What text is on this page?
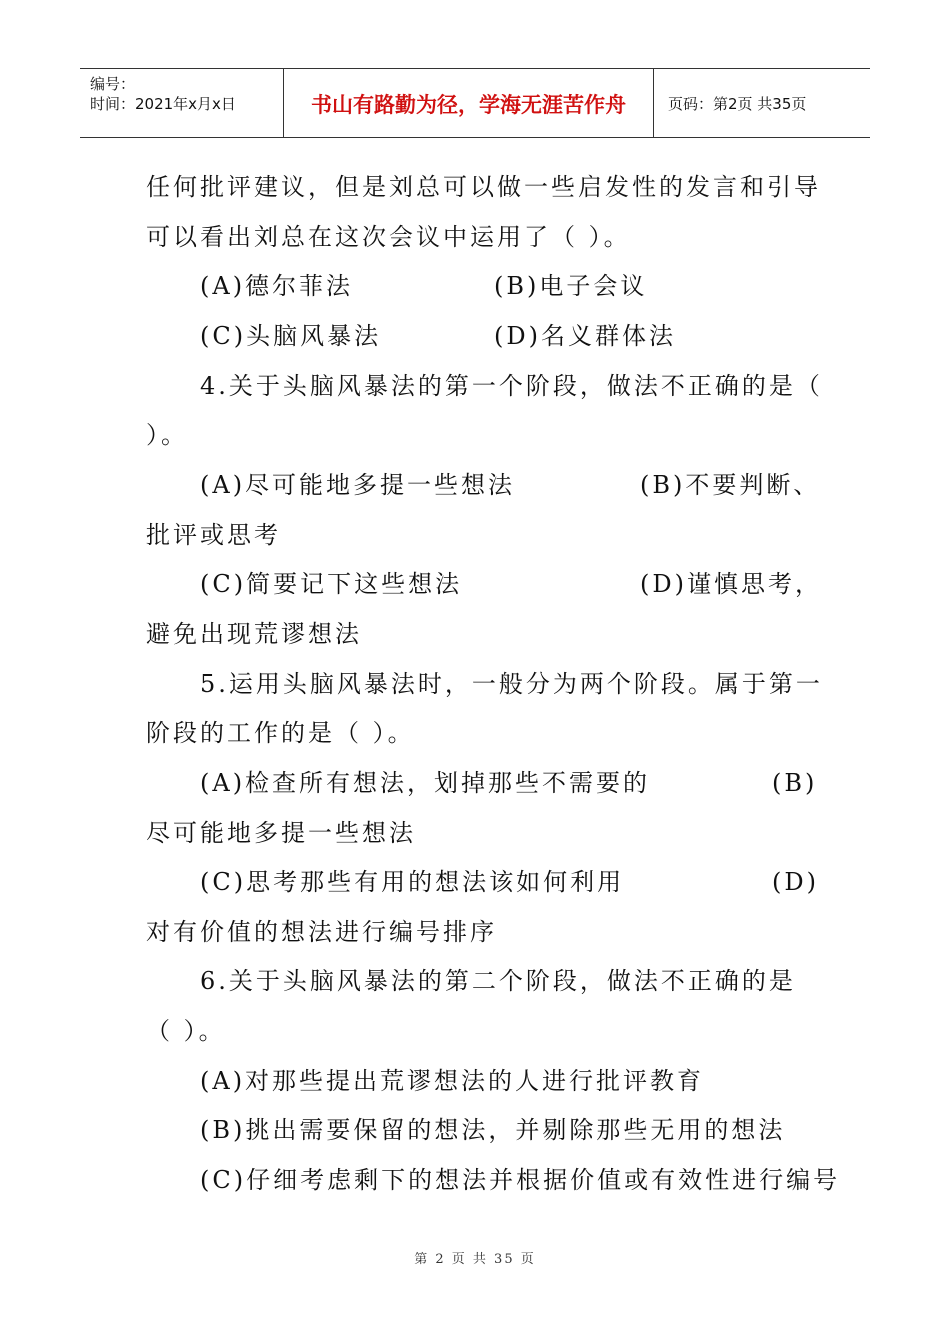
编号：
时间：2021年x月x日	书山有路勤为径，学海无涯苦作舟	页码：第2页 共35页
任何批评建议，但是刘总可以做一些启发性的发言和引导
可以看出刘总在这次会议中运用了（ ）。
(A)德尔菲法	(B)电子会议
(C)头脑风暴法	(D)名义群体法
4.关于头脑风暴法的第一个阶段，做法不正确的是（
）。
(A)尽可能地多提一些想法	(B)不要判断、
批评或思考
(C)简要记下这些想法	(D)谨慎思考，
避免出现荒谬想法
5.运用头脑风暴法时，一般分为两个阶段。属于第一
阶段的工作的是（ ）。
(A)检查所有想法，划掉那些不需要的	(B)
尽可能地多提一些想法
(C)思考那些有用的想法该如何利用	(D)
对有价值的想法进行编号排序
6.关于头脑风暴法的第二个阶段，做法不正确的是
（ ）。
(A)对那些提出荒谬想法的人进行批评教育
(B)挑出需要保留的想法，并剔除那些无用的想法
(C)仔细考虑剩下的想法并根据价值或有效性进行编号
第 2 页 共 35 页
